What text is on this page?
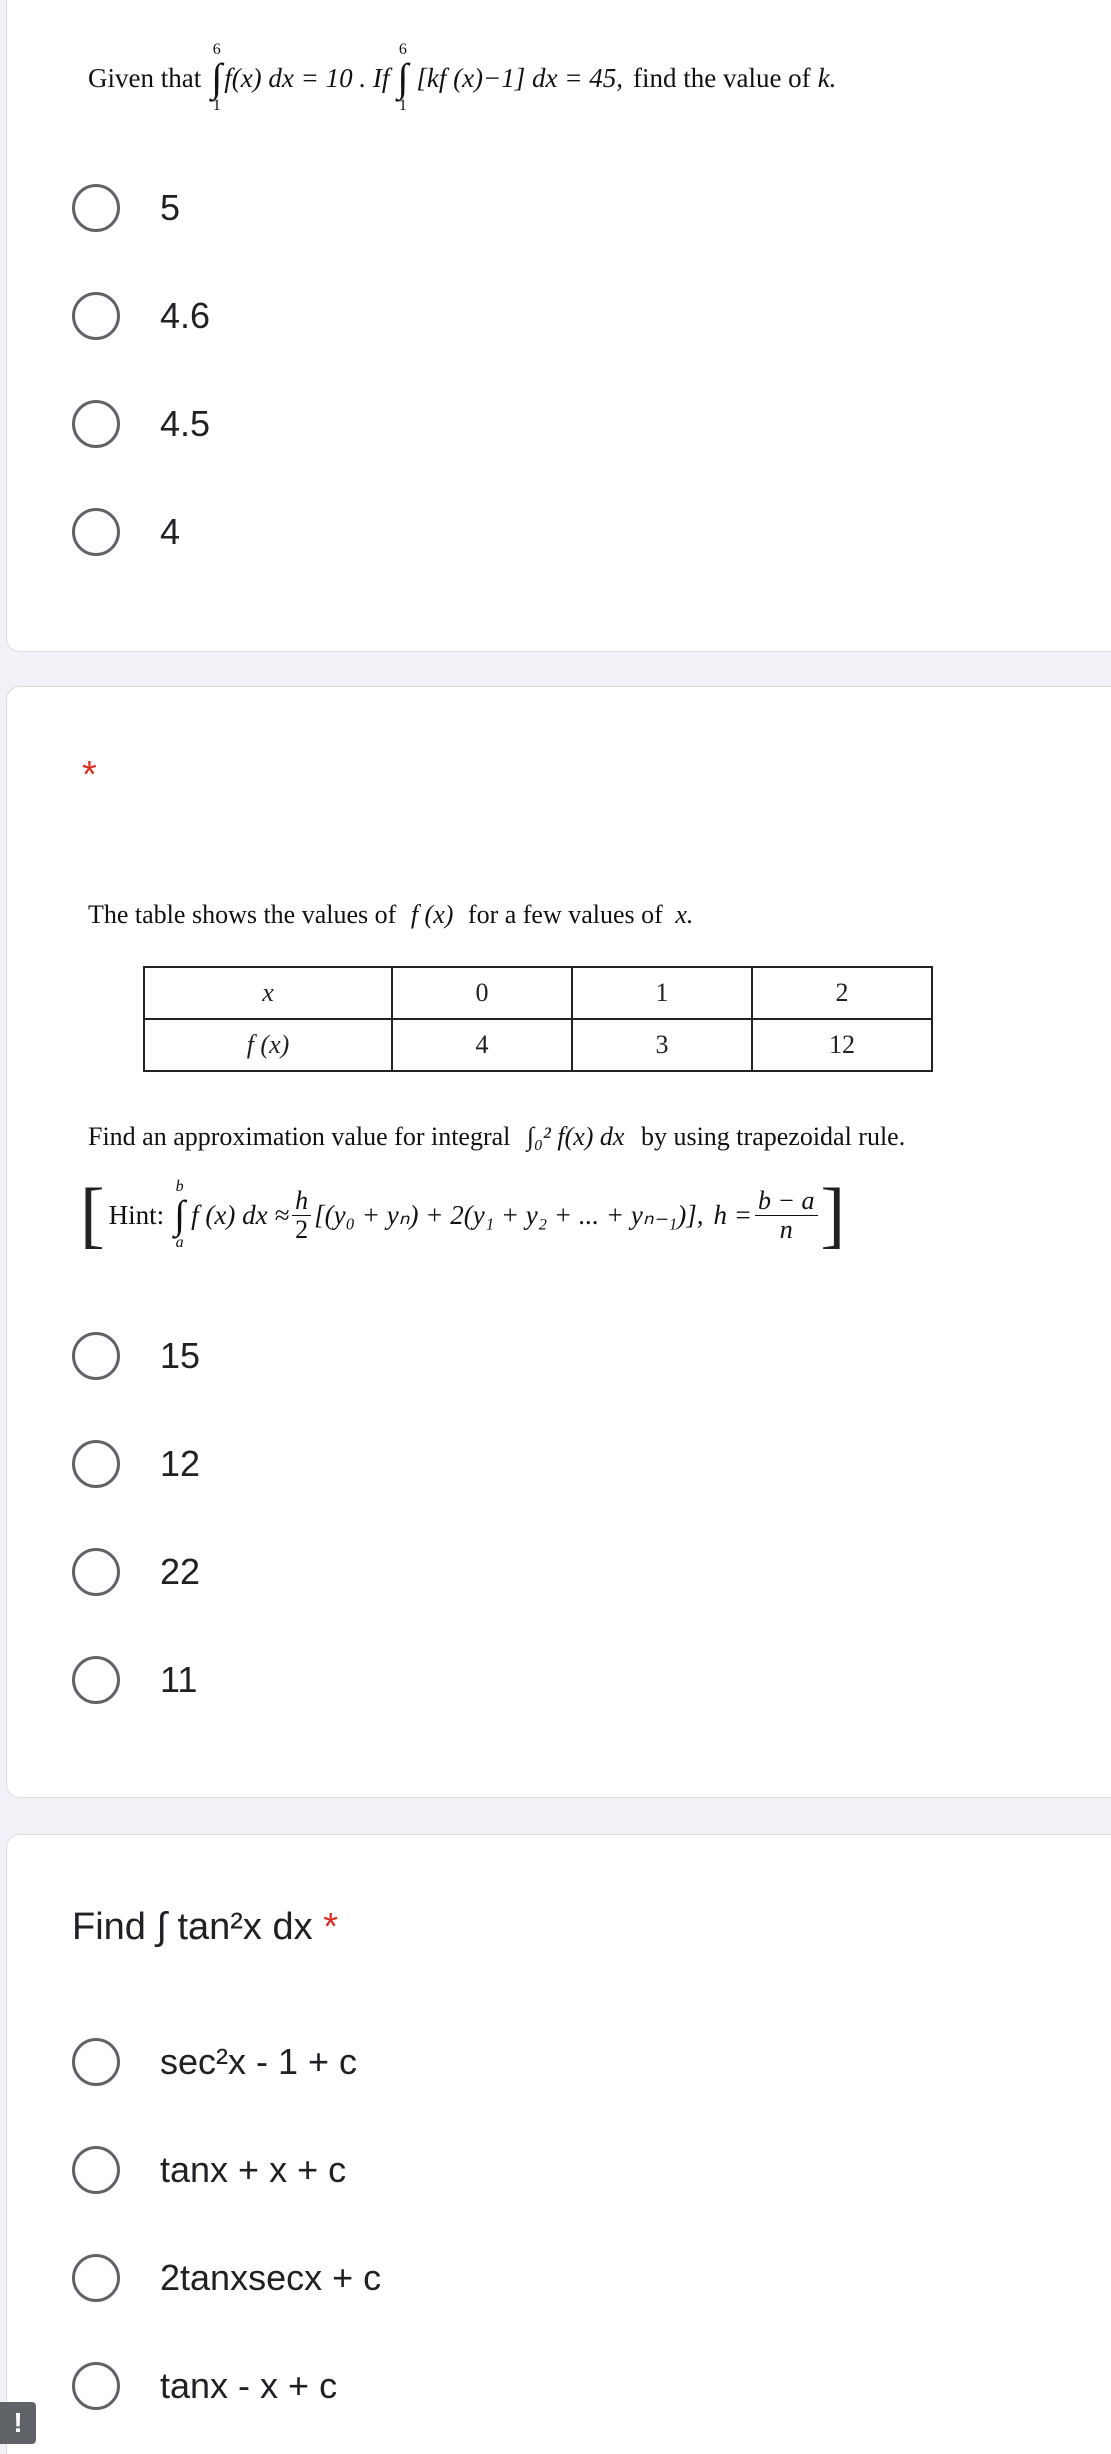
Given that
6
∫
1
f(x) dx = 10 . If
6
∫
1
[kf (x)−1] dx = 45, find the value of k.
5
4.6
4.5
4
*
The table shows the values of f (x) for a few values of x.
x	0	1	2
f (x)	4	3	12
Find an approximation value for integral ∫₀² f(x) dx by using trapezoidal rule.
[ Hint:
b
∫
a
f (x) dx ≈ $\frac{h}{2} [(y_0 + y_n) + 2(y_1 + y_2$ + ... + yₙ₋₁)], $h = \frac{b - a}{n}$ ]
15
12
22
11
Find ∫ tan²x dx *
sec²x - 1 + c
tanx + x + c
2tanxsecx + c
tanx - x + c
!
